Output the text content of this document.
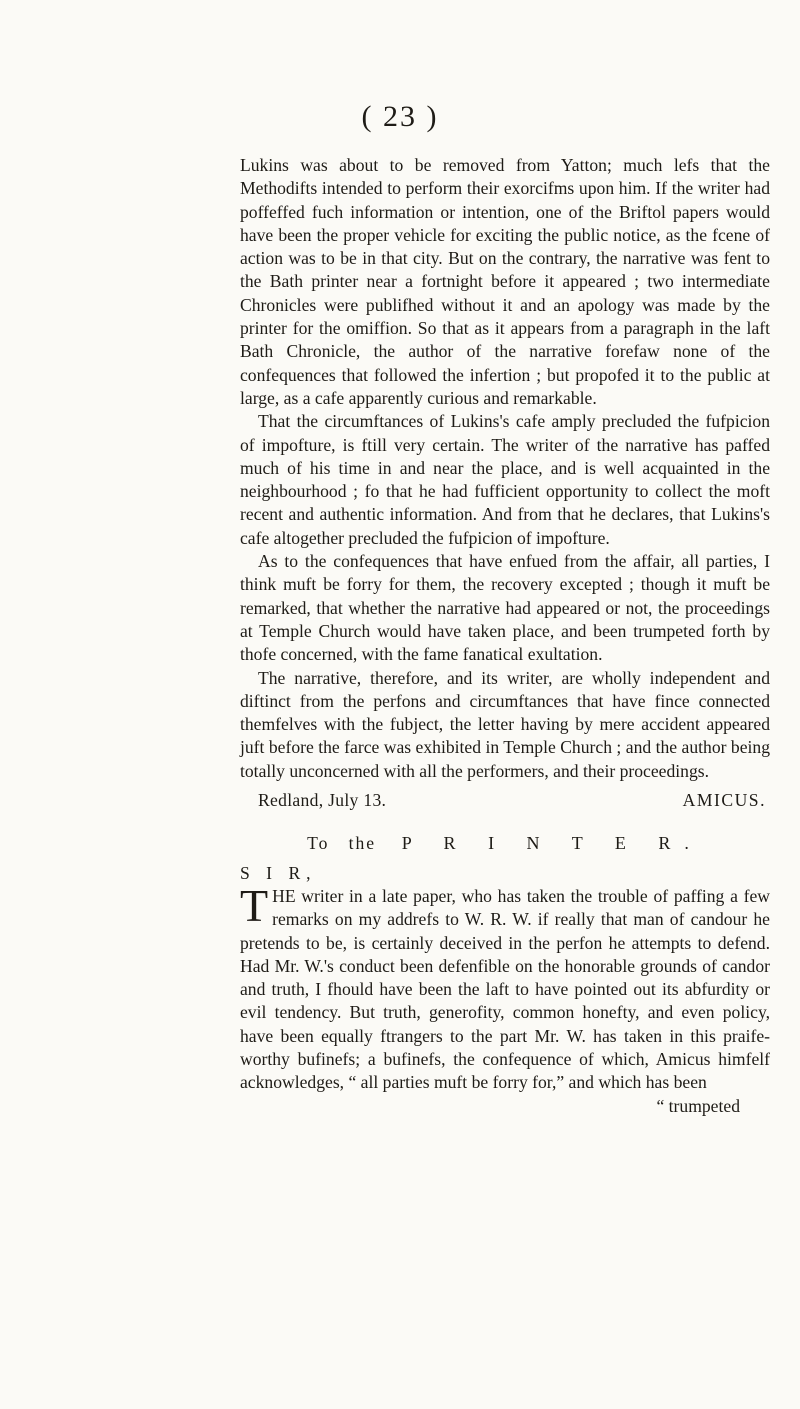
( 23 )

Lukins was about to be removed from Yatton; much lefs that the Methodifts intended to perform their exorcifms upon him. If the writer had poffeffed fuch information or intention, one of the Briftol papers would have been the proper vehicle for exciting the public notice, as the fcene of action was to be in that city. But on the contrary, the narrative was fent to the Bath printer near a fortnight before it appeared ; two intermediate Chronicles were publifhed without it and an apology was made by the printer for the omiffion. So that as it appears from a paragraph in the laft Bath Chronicle, the author of the narrative forefaw none of the confequences that followed the infertion ; but propofed it to the public at large, as a cafe apparently curious and remarkable.

That the circumftances of Lukins's cafe amply precluded the fufpicion of impofture, is ftill very certain. The writer of the narrative has paffed much of his time in and near the place, and is well acquainted in the neighbourhood ; fo that he had fufficient opportunity to collect the moft recent and authentic information. And from that he declares, that Lukins's cafe altogether precluded the fufpicion of impofture.

As to the confequences that have enfued from the affair, all parties, I think muft be forry for them, the recovery excepted ; though it muft be remarked, that whether the narrative had appeared or not, the proceedings at Temple Church would have taken place, and been trumpeted forth by thofe concerned, with the fame fanatical exultation.

The narrative, therefore, and its writer, are wholly independent and diftinct from the perfons and circumftances that have fince connected themfelves with the fubject, the letter having by mere accident appeared juft before the farce was exhibited in Temple Church ; and the author being totally unconcerned with all the performers, and their proceedings.

Redland, July 13.	AMICUS.
To the P R I N T E R.
S I R,

THE writer in a late paper, who has taken the trouble of paffing a few remarks on my addrefs to W. R. W. if really that man of candour he pretends to be, is certainly deceived in the perfon he attempts to defend. Had Mr. W.'s conduct been defenfible on the honorable grounds of candor and truth, I fhould have been the laft to have pointed out its abfurdity or evil tendency. But truth, generofity, common honefty, and even policy, have been equally ftrangers to the part Mr. W. has taken in this praife-worthy bufinefs; a bufinefs, the confequence of which, Amicus himfelf acknowledges, “ all parties muft be forry for,” and which has been

“ trumpeted
